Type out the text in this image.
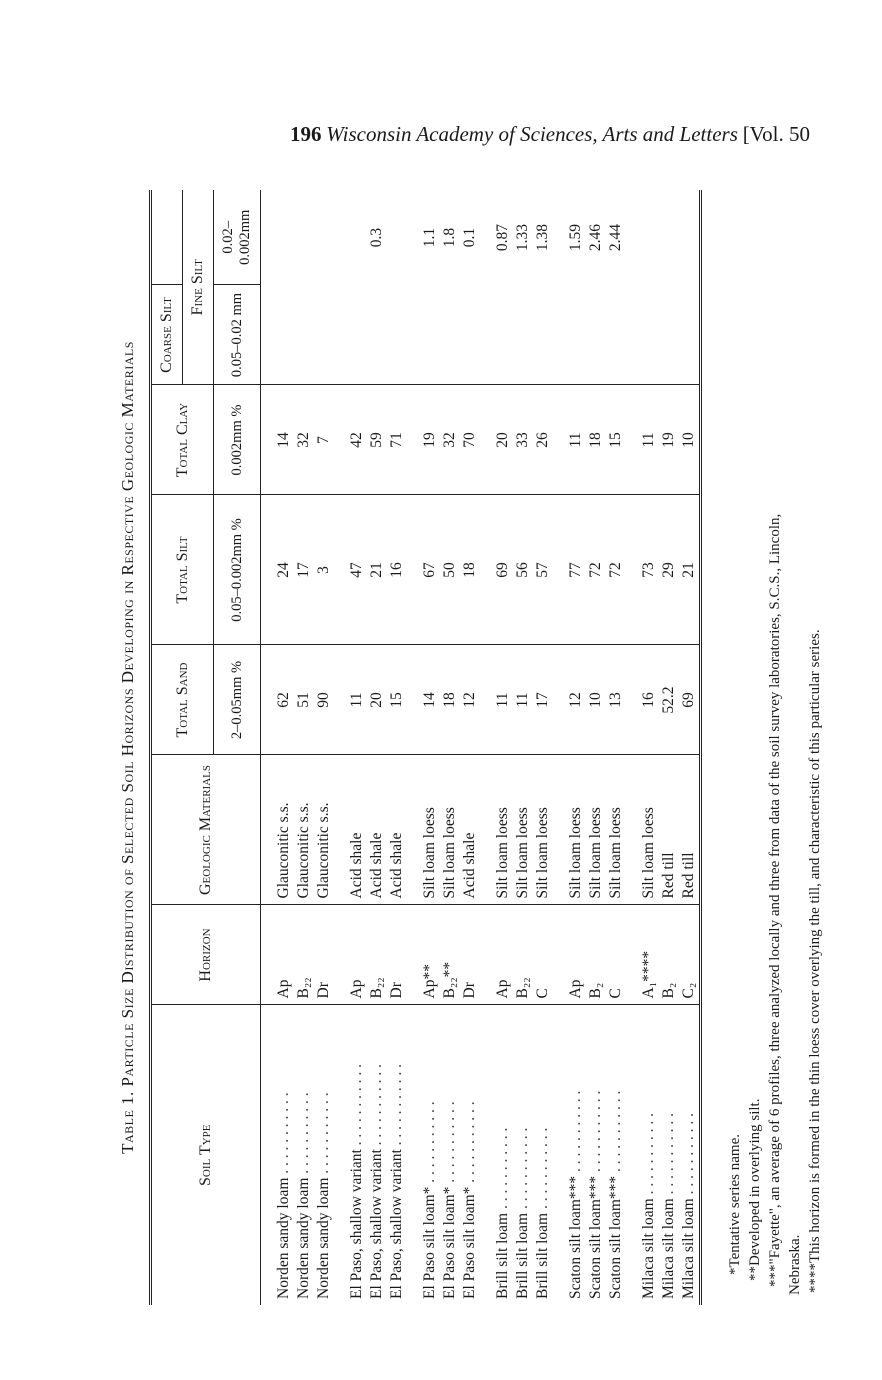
196 Wisconsin Academy of Sciences, Arts and Letters [Vol. 50
Table 1. Particle Size Distribution of Selected Soil Horizons Developing in Respective Geologic Materials
Soil Type	Horizon	Geologic Materials	Total Sand	Total Silt	Total Clay	Coarse Silt	
						Fine Silt	
			2–0.05mm %	0.05–0.002mm %	0.002mm %	0.05–0.02 mm	0.02–0.002mm

Norden sandy loam . . . . . . . . . . .	Ap	Glauconitic s.s.	62	24	14		
Norden sandy loam . . . . . . . . . . .	B₂₂	Glauconitic s.s.	51	17	32		
Norden sandy loam . . . . . . . . . . .	Dr	Glauconitic s.s.	90	3	7		

El Paso, shallow variant . . . . . . . . . . .	Ap	Acid shale	11	47	42		
El Paso, shallow variant . . . . . . . . . . .	B₂₂	Acid shale	20	21	59		0.3
El Paso, shallow variant . . . . . . . . . . .	Dr	Acid shale	15	16	71		

El Paso silt loam* . . . . . . . . . . .	Ap**	Silt loam loess	14	67	19		1.1
El Paso silt loam* . . . . . . . . . . .	B₂₂**	Silt loam loess	18	50	32		1.8
El Paso silt loam* . . . . . . . . . . .	Dr	Acid shale	12	18	70		0.1

Brill silt loam . . . . . . . . . . .	Ap	Silt loam loess	11	69	20		0.87
Brill silt loam . . . . . . . . . . .	B₂₂	Silt loam loess	11	56	33		1.33
Brill silt loam . . . . . . . . . . .	C	Silt loam loess	17	57	26		1.38

Scaton silt loam*** . . . . . . . . . . .	Ap	Silt loam loess	12	77	11		1.59
Scaton silt loam*** . . . . . . . . . . .	B₂	Silt loam loess	10	72	18		2.46
Scaton silt loam*** . . . . . . . . . . .	C	Silt loam loess	13	72	15		2.44

Milaca silt loam . . . . . . . . . . .	A₁****	Silt loam loess	16	73	11		
Milaca silt loam . . . . . . . . . . .	B₂	Red till	52.2	29	19		
Milaca silt loam . . . . . . . . . . .	C₂	Red till	69	21	10		
*Tentative series name. **Developed in overlying silt. ***"Fayette", an average of 6 profiles, three analyzed locally and three from data of the soil survey laboratories, S.C.S., Lincoln, Nebraska. ****This horizon is formed in the thin loess cover overlying the till, and characteristic of this particular series.
